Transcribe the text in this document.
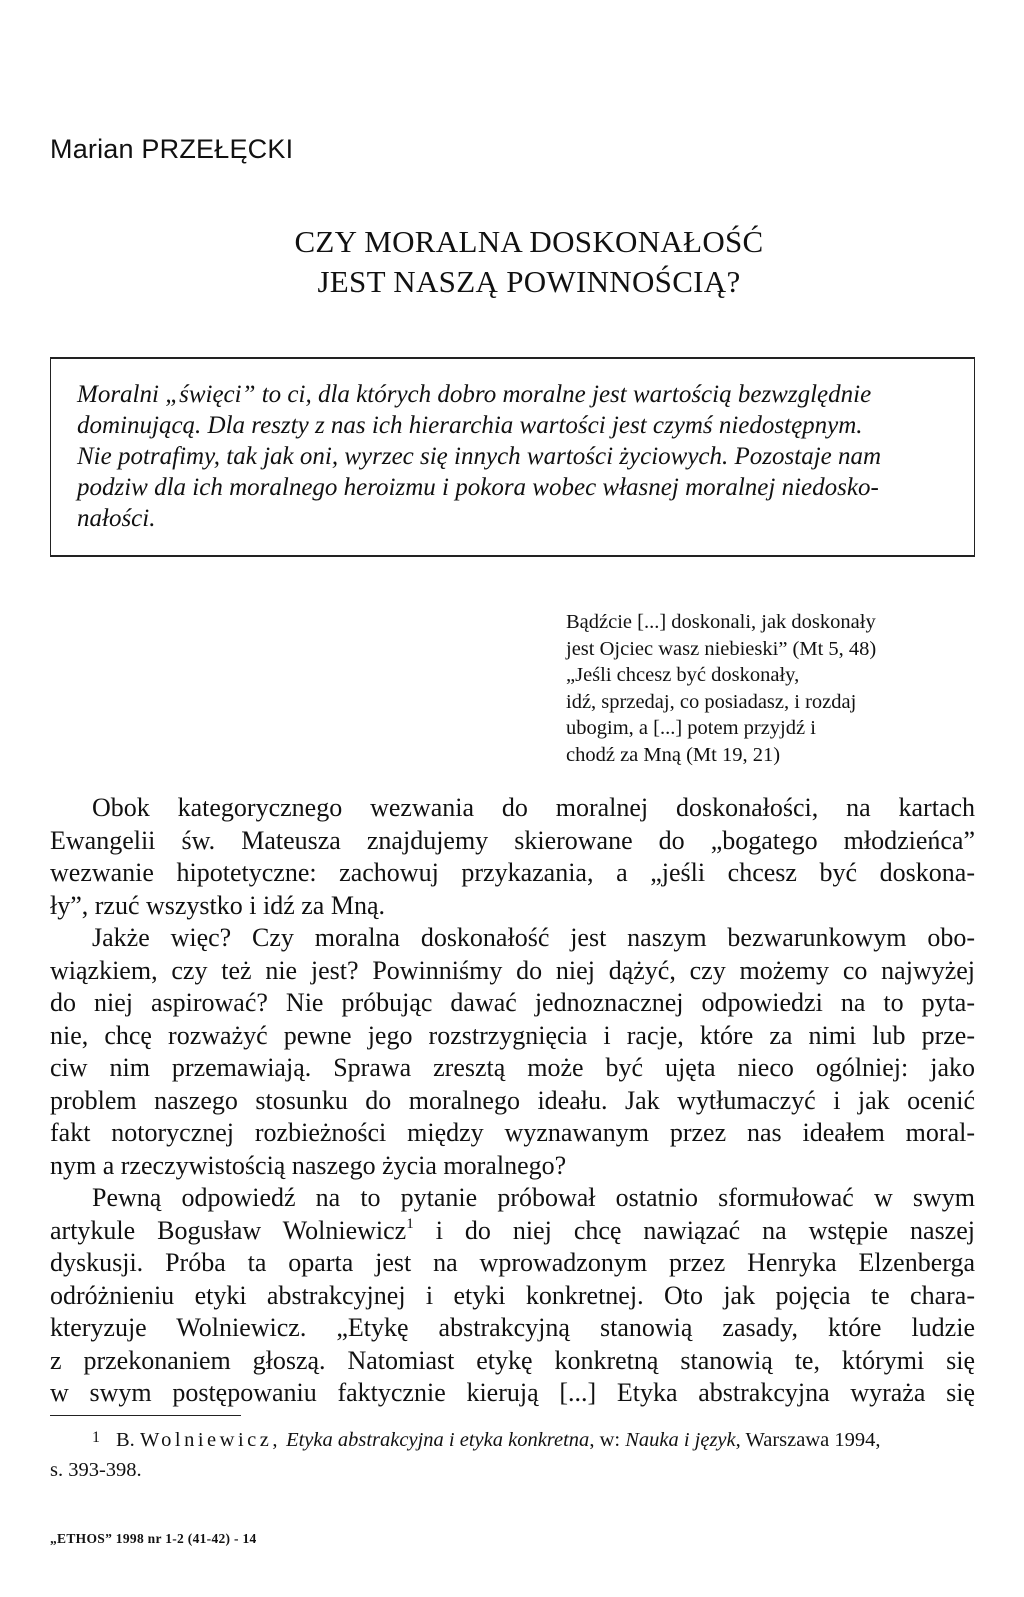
Marian PRZEŁĘCKI
CZY MORALNA DOSKONAŁOŚĆ
JEST NASZĄ POWINNOŚCIĄ?
Moralni „święci” to ci, dla których dobro moralne jest wartością bezwzględnie
dominującą. Dla reszty z nas ich hierarchia wartości jest czymś niedostępnym.
Nie potrafimy, tak jak oni, wyrzec się innych wartości życiowych. Pozostaje nam
podziw dla ich moralnego heroizmu i pokora wobec własnej moralnej niedosko-
nałości.
Bądźcie [...] doskonali, jak doskonały
jest Ojciec wasz niebieski” (Mt 5, 48)
„Jeśli chcesz być doskonały,
idź, sprzedaj, co posiadasz, i rozdaj
ubogim, a [...] potem przyjdź i
chodź za Mną (Mt 19, 21)
Obok kategorycznego wezwania do moralnej doskonałości, na kartach
Ewangelii św. Mateusza znajdujemy skierowane do „bogatego młodzieńca”
wezwanie hipotetyczne: zachowuj przykazania, a „jeśli chcesz być doskona-
ły”, rzuć wszystko i idź za Mną.
Jakże więc? Czy moralna doskonałość jest naszym bezwarunkowym obo-
wiązkiem, czy też nie jest? Powinniśmy do niej dążyć, czy możemy co najwyżej
do niej aspirować? Nie próbując dawać jednoznacznej odpowiedzi na to pyta-
nie, chcę rozważyć pewne jego rozstrzygnięcia i racje, które za nimi lub prze-
ciw nim przemawiają. Sprawa zresztą może być ujęta nieco ogólniej: jako
problem naszego stosunku do moralnego ideału. Jak wytłumaczyć i jak ocenić
fakt notorycznej rozbieżności między wyznawanym przez nas ideałem moral-
nym a rzeczywistością naszego życia moralnego?
Pewną odpowiedź na to pytanie próbował ostatnio sformułować w swym
artykule Bogusław Wolniewicz$^1$ i do niej chcę nawiązać na wstępie naszej
dyskusji. Próba ta oparta jest na wprowadzonym przez Henryka Elzenberga
odróżnieniu etyki abstrakcyjnej i etyki konkretnej. Oto jak pojęcia te chara-
kteryzuje Wolniewicz. „Etykę abstrakcyjną stanowią zasady, które ludzie
z przekonaniem głoszą. Natomiast etykę konkretną stanowią te, którymi się
w swym postępowaniu faktycznie kierują [...] Etyka abstrakcyjna wyraża się
1 B. Wolniewicz, Etyka abstrakcyjna i etyka konkretna, w: Nauka i język, Warszawa 1994,
s. 393-398.
„ETHOS” 1998 nr 1-2 (41-42) - 14
